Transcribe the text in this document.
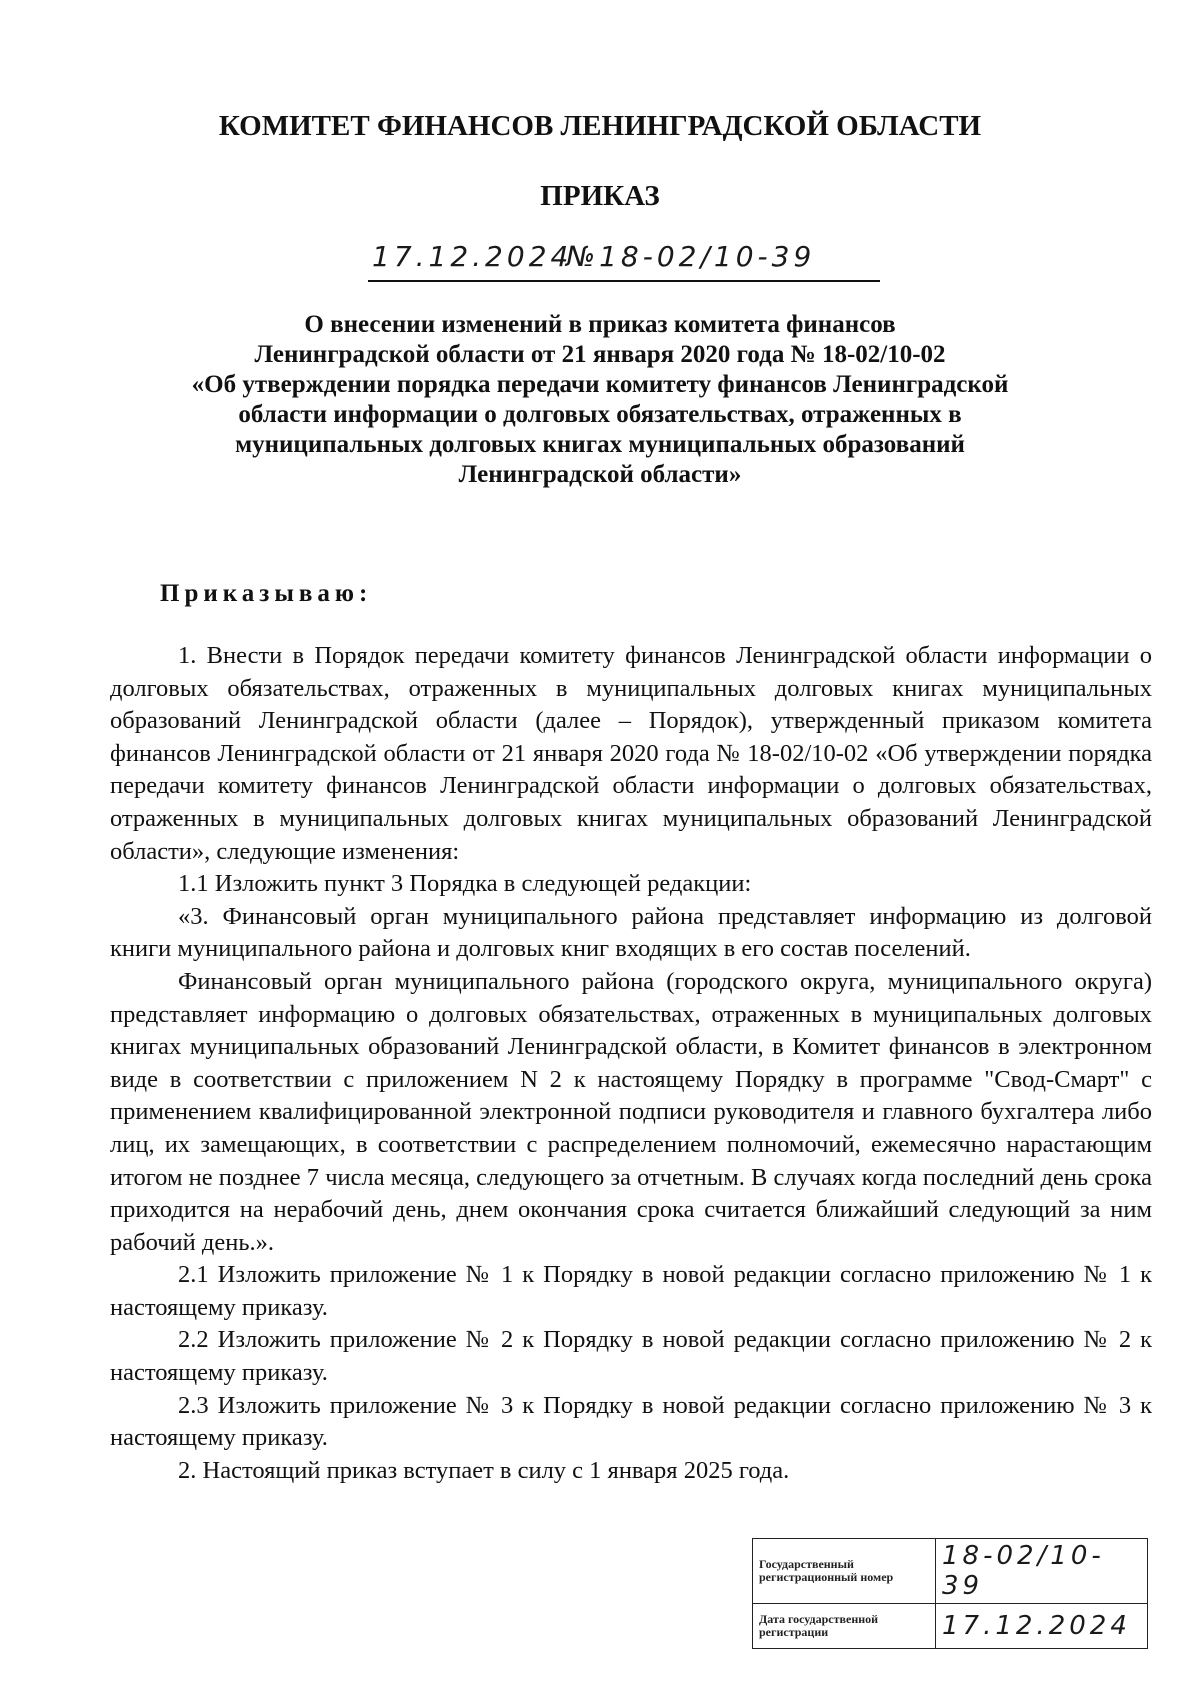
КОМИТЕТ ФИНАНСОВ ЛЕНИНГРАДСКОЙ ОБЛАСТИ
ПРИКАЗ
17.12.2024
№18-02/10-39
О внесении изменений в приказ комитета финансов
Ленинградской области от 21 января 2020 года № 18-02/10-02
«Об утверждении порядка передачи комитету финансов Ленинградской
области информации о долговых обязательствах, отраженных в
муниципальных долговых книгах муниципальных образований
Ленинградской области»
Приказываю:

1. Внести в Порядок передачи комитету финансов Ленинградской области информации о долговых обязательствах, отраженных в муниципальных долговых книгах муниципальных образований Ленинградской области (далее – Порядок), утвержденный приказом комитета финансов Ленинградской области от 21 января 2020 года № 18-02/10-02 «Об утверждении порядка передачи комитету финансов Ленинградской области информации о долговых обязательствах, отраженных в муниципальных долговых книгах муниципальных образований Ленинградской области», следующие изменения:

1.1 Изложить пункт 3 Порядка в следующей редакции:

«3. Финансовый орган муниципального района представляет информацию из долговой книги муниципального района и долговых книг входящих в его состав поселений.

Финансовый орган муниципального района (городского округа, муниципального округа) представляет информацию о долговых обязательствах, отраженных в муниципальных долговых книгах муниципальных образований Ленинградской области, в Комитет финансов в электронном виде в соответствии с приложением N 2 к настоящему Порядку в программе "Свод-Смарт" с применением квалифицированной электронной подписи руководителя и главного бухгалтера либо лиц, их замещающих, в соответствии с распределением полномочий, ежемесячно нарастающим итогом не позднее 7 числа месяца, следующего за отчетным. В случаях когда последний день срока приходится на нерабочий день, днем окончания срока считается ближайший следующий за ним рабочий день.».

2.1 Изложить приложение № 1 к Порядку в новой редакции согласно приложению № 1 к настоящему приказу.

2.2 Изложить приложение № 2 к Порядку в новой редакции согласно приложению № 2 к настоящему приказу.

2.3 Изложить приложение № 3 к Порядку в новой редакции согласно приложению № 3 к настоящему приказу.

2. Настоящий приказ вступает в силу с 1 января 2025 года.

Государственный регистрационный номер	18-02/10-39
Дата государственной регистрации	17.12.2024
